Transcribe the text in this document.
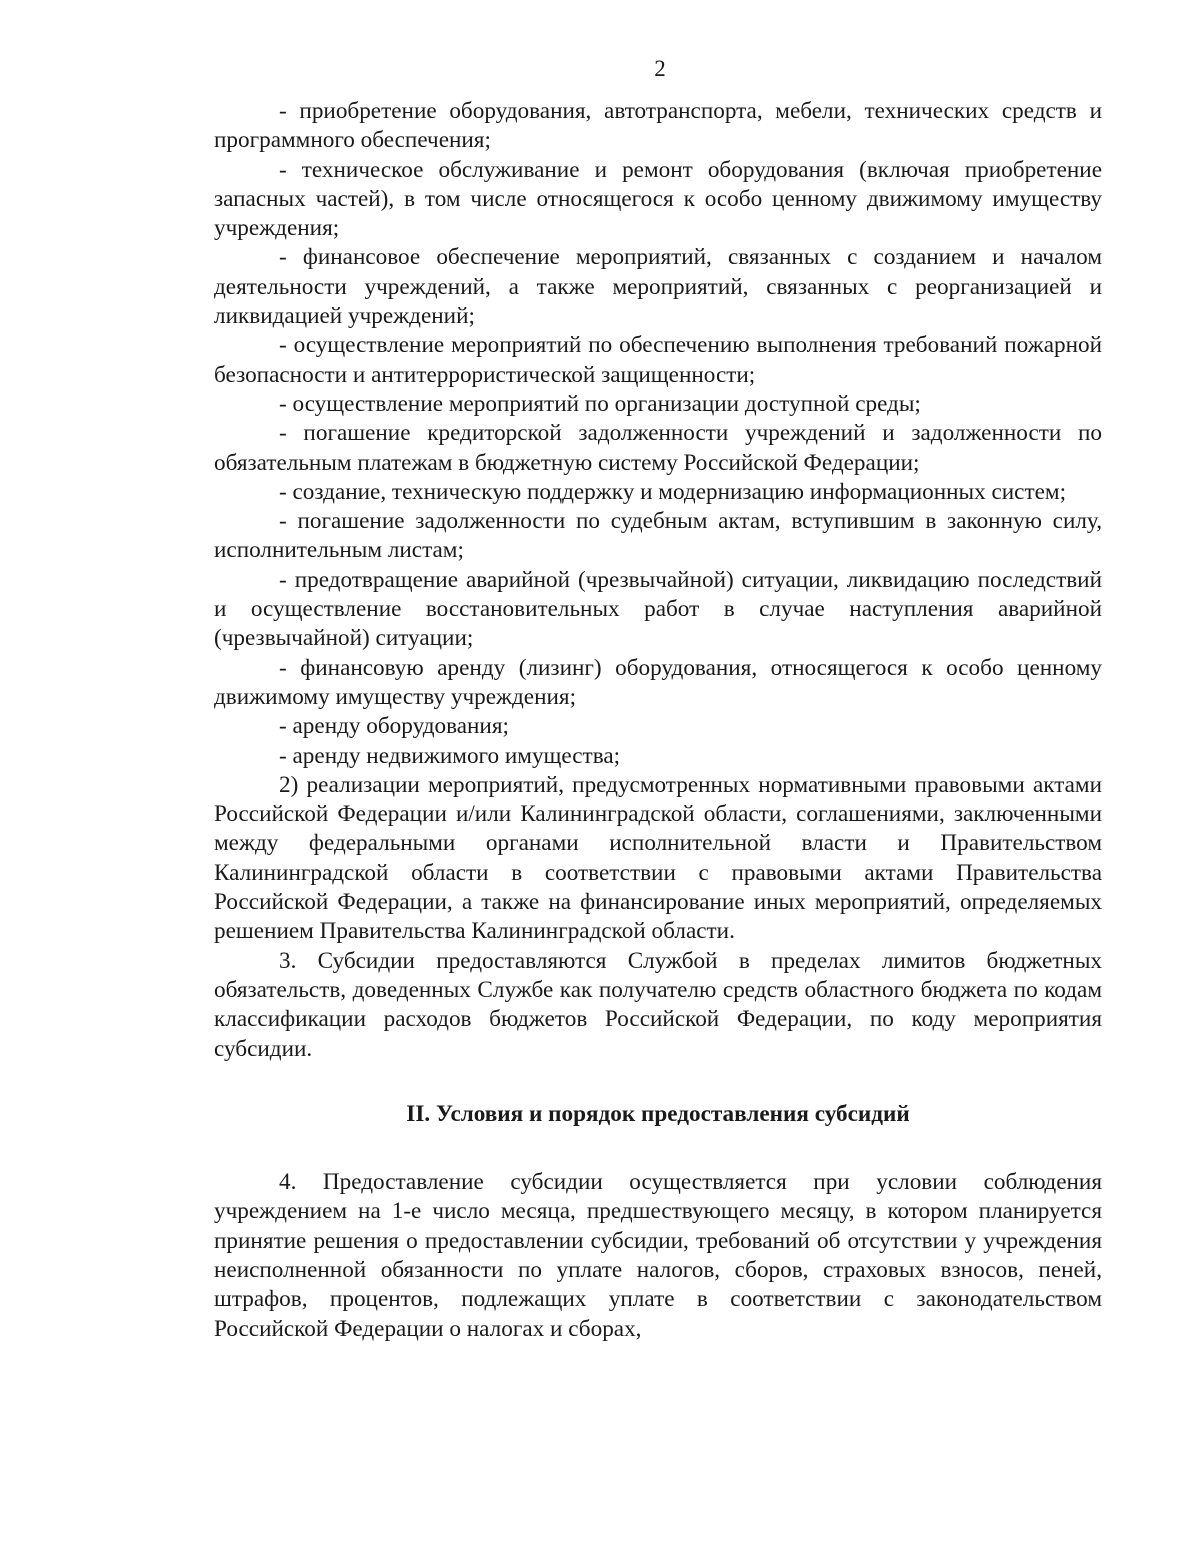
2

- приобретение оборудования, автотранспорта, мебели, технических средств и программного обеспечения;

- техническое обслуживание и ремонт оборудования (включая приобретение запасных частей), в том числе относящегося к особо ценному движимому имуществу учреждения;

- финансовое обеспечение мероприятий, связанных с созданием и началом деятельности учреждений, а также мероприятий, связанных с реорганизацией и ликвидацией учреждений;

- осуществление мероприятий по обеспечению выполнения требований пожарной безопасности и антитеррористической защищенности;

- осуществление мероприятий по организации доступной среды;

- погашение кредиторской задолженности учреждений и задолженности по обязательным платежам в бюджетную систему Российской Федерации;

- создание, техническую поддержку и модернизацию информационных систем;

- погашение задолженности по судебным актам, вступившим в законную силу, исполнительным листам;

- предотвращение аварийной (чрезвычайной) ситуации, ликвидацию последствий и осуществление восстановительных работ в случае наступления аварийной (чрезвычайной) ситуации;

- финансовую аренду (лизинг) оборудования, относящегося к особо ценному движимому имуществу учреждения;

- аренду оборудования;

- аренду недвижимого имущества;

2) реализации мероприятий, предусмотренных нормативными правовыми актами Российской Федерации и/или Калининградской области, соглашениями, заключенными между федеральными органами исполнительной власти и Правительством Калининградской области в соответствии с правовыми актами Правительства Российской Федерации, а также на финансирование иных мероприятий, определяемых решением Правительства Калининградской области.

3. Субсидии предоставляются Службой в пределах лимитов бюджетных обязательств, доведенных Службе как получателю средств областного бюджета по кодам классификации расходов бюджетов Российской Федерации, по коду мероприятия субсидии.

II. Условия и порядок предоставления субсидий

4. Предоставление субсидии осуществляется при условии соблюдения учреждением на 1-е число месяца, предшествующего месяцу, в котором планируется принятие решения о предоставлении субсидии, требований об отсутствии у учреждения неисполненной обязанности по уплате налогов, сборов, страховых взносов, пеней, штрафов, процентов, подлежащих уплате в соответствии с законодательством Российской Федерации о налогах и сборах,
